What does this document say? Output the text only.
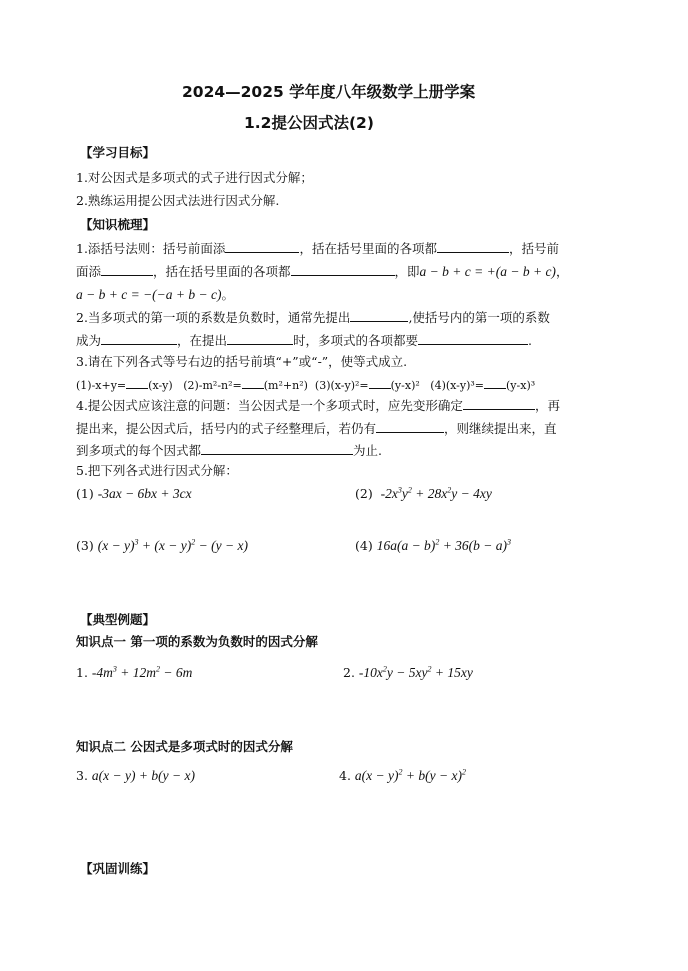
2024—2025 学年度八年级数学上册学案
1.2提公因式法(2)
【学习目标】
1.对公因式是多项式的式子进行因式分解；
2.熟练运用提公因式法进行因式分解.
【知识梳理】
1.添括号法则：括号前面添	，括在括号里面的各项都	，括号前
面添	，括在括号里面的各项都	，即a − b + c = +(a − b + c)，
a − b + c = −(−a + b − c)。
2.当多项式的第一项的系数是负数时，通常先提出	,使括号内的第一项的系数
成为	，在提出	时，多项式的各项都要	.
3.请在下列各式等号右边的括号前填“+”或“-”，使等式成立.
(1)-x+y= (x-y) (2)-m²-n²= (m²+n²) (3)(x-y)²= (y-x)² (4)(x-y)³= (y-x)³
4.提公因式应该注意的问题：当公因式是一个多项式时，应先变形确定	，再
提出来，提公因式后，括号内的式子经整理后，若仍有	，则继续提出来，直
到多项式的每个因式都	为止.
5.把下列各式进行因式分解：
(1) -3ax − 6bx + 3cx	(2) $-2x^3y^2 + 28x^2y - 4xy$
(3) $(x - y)^3 + (x - y)^2 - (y - x)$	(4) $16a(a - b)^2 + 36(b - a)^3$
【典型例题】
知识点一 第一项的系数为负数时的因式分解
1. $-4m^3 + 12m^2 - 6m$	2. $-10x^2y - 5xy^2 + 15xy$
知识点二 公因式是多项式时的因式分解
3. a(x − y) + b(y − x)	4. $a(x - y)^2 + b(y - x)^2$
【巩固训练】
